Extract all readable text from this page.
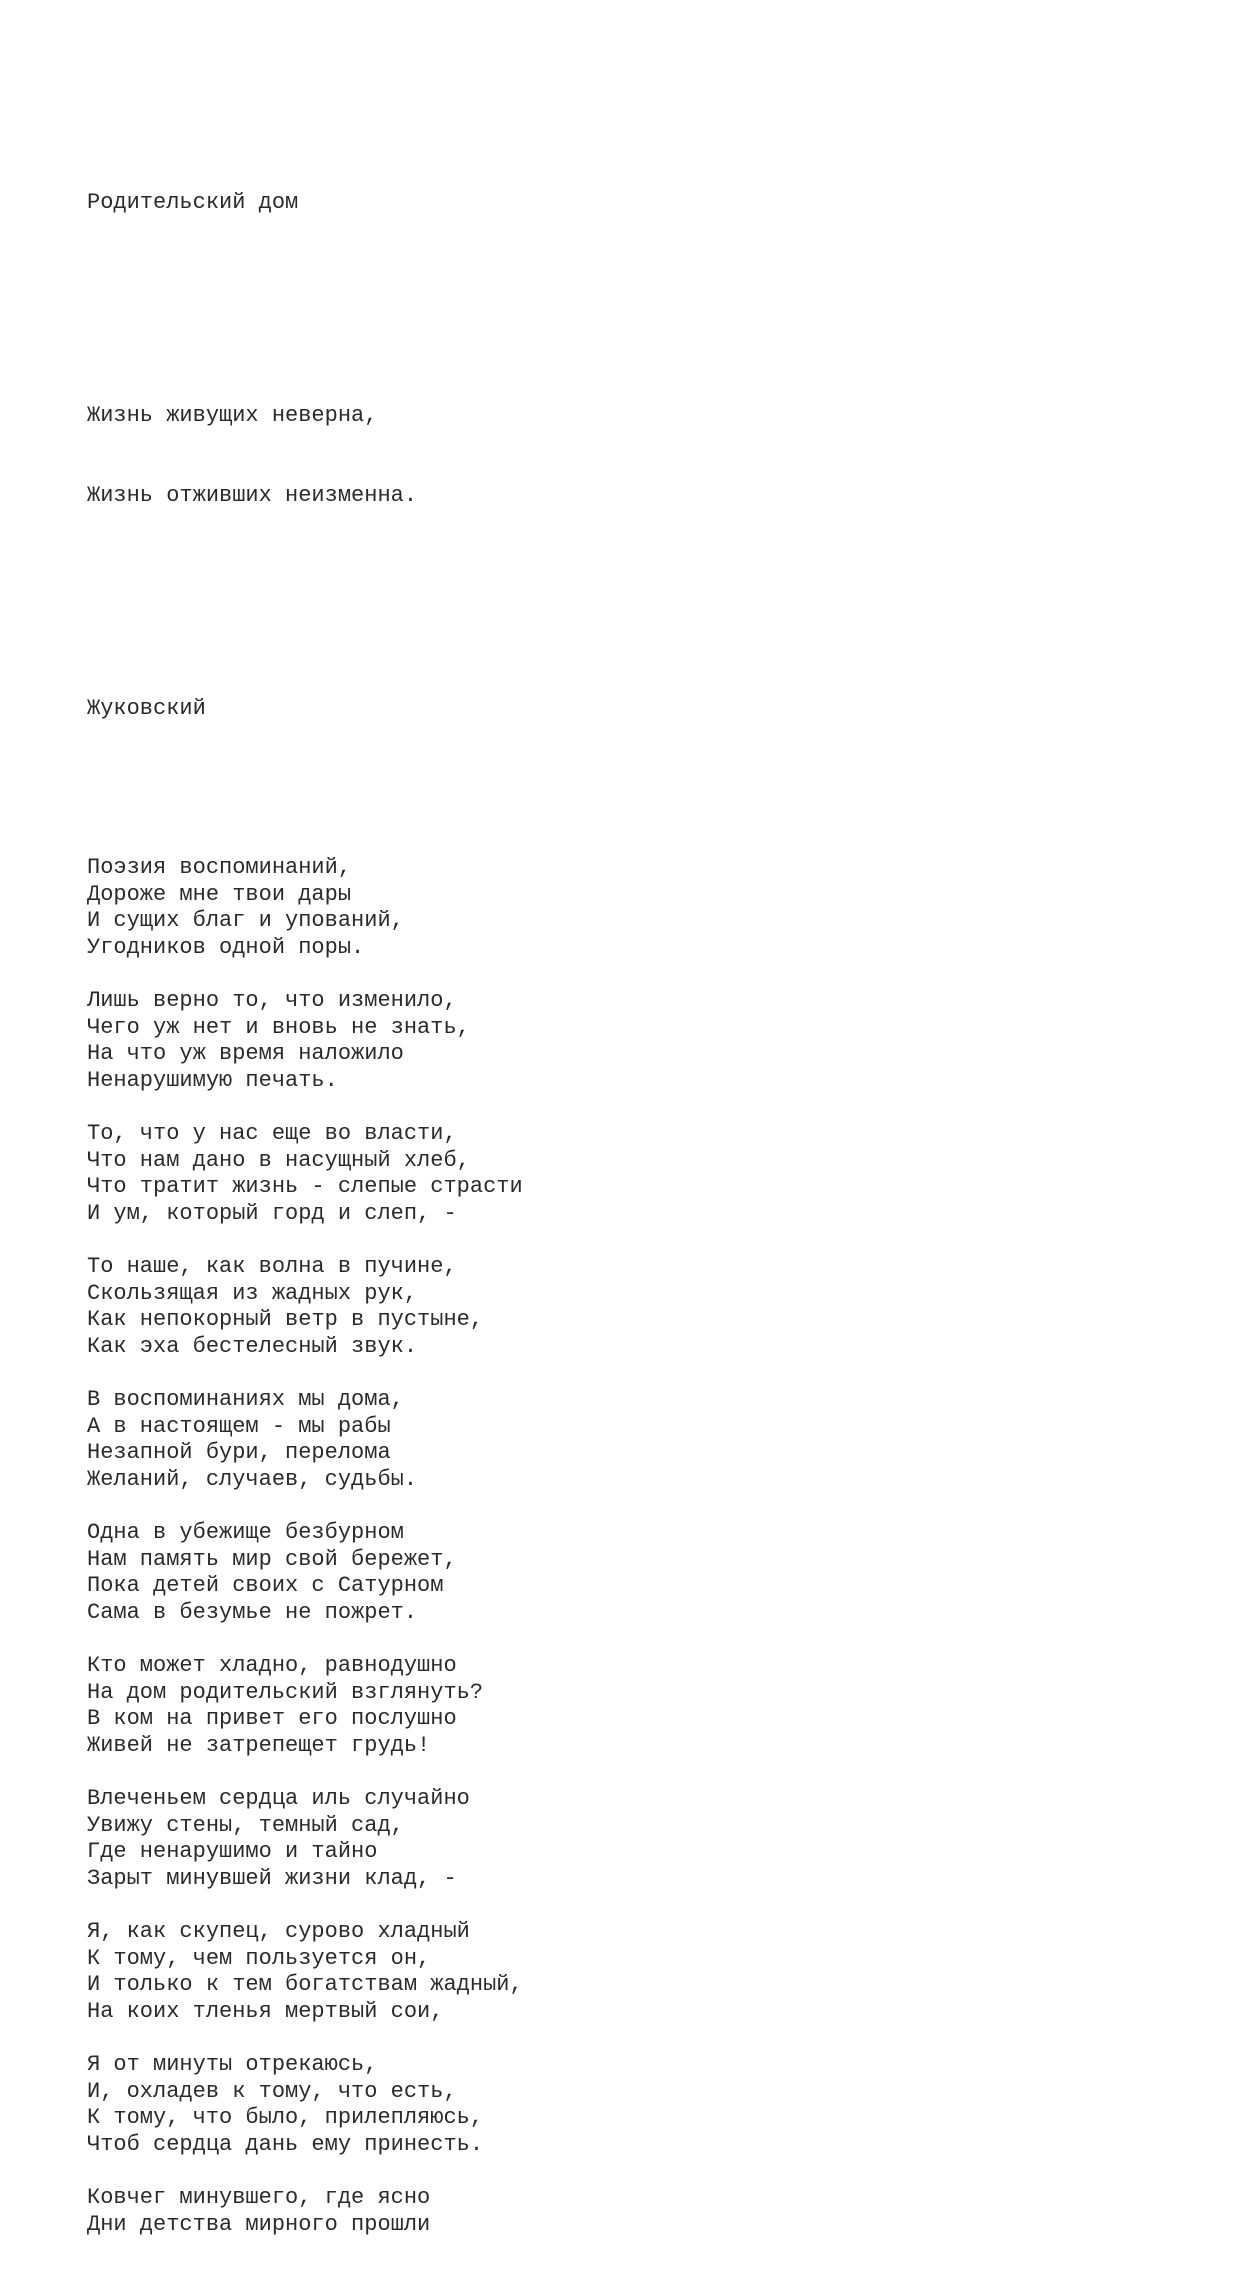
Родительский дом

Жизнь живущих неверна,

Жизнь отживших неизменна.

Жуковский

Поэзия воспоминаний,
Дороже мне твои дары
И сущих благ и упований,
Угодников одной поры.
Лишь верно то, что изменило,
Чего уж нет и вновь не знать,
На что уж время наложило
Ненарушимую печать.
То, что у нас еще во власти,
Что нам дано в насущный хлеб,
Что тратит жизнь - слепые страсти
И ум, который горд и слеп, -
То наше, как волна в пучине,
Скользящая из жадных рук,
Как непокорный ветр в пустыне,
Как эха бестелесный звук.
В воспоминаниях мы дома,
А в настоящем - мы рабы
Незапной бури, перелома
Желаний, случаев, судьбы.
Одна в убежище безбурном
Нам память мир свой бережет,
Пока детей своих с Сатурном
Сама в безумье не пожрет.
Кто может хладно, равнодушно
На дом родительский взглянуть?
В ком на привет его послушно
Живей не затрепещет грудь!
Влеченьем сердца иль случайно
Увижу стены, темный сад,
Где ненарушимо и тайно
Зарыт минувшей жизни клад, -
Я, как скупец, сурово хладный
К тому, чем пользуется он,
И только к тем богатствам жадный,
На коих тленья мертвый сои,
Я от минуты отрекаюсь,
И, охладев к тому, что есть,
К тому, что было, прилепляюсь,
Чтоб сердца дань ему принесть.
Ковчег минувшего, где ясно
Дни детства мирного прошли
